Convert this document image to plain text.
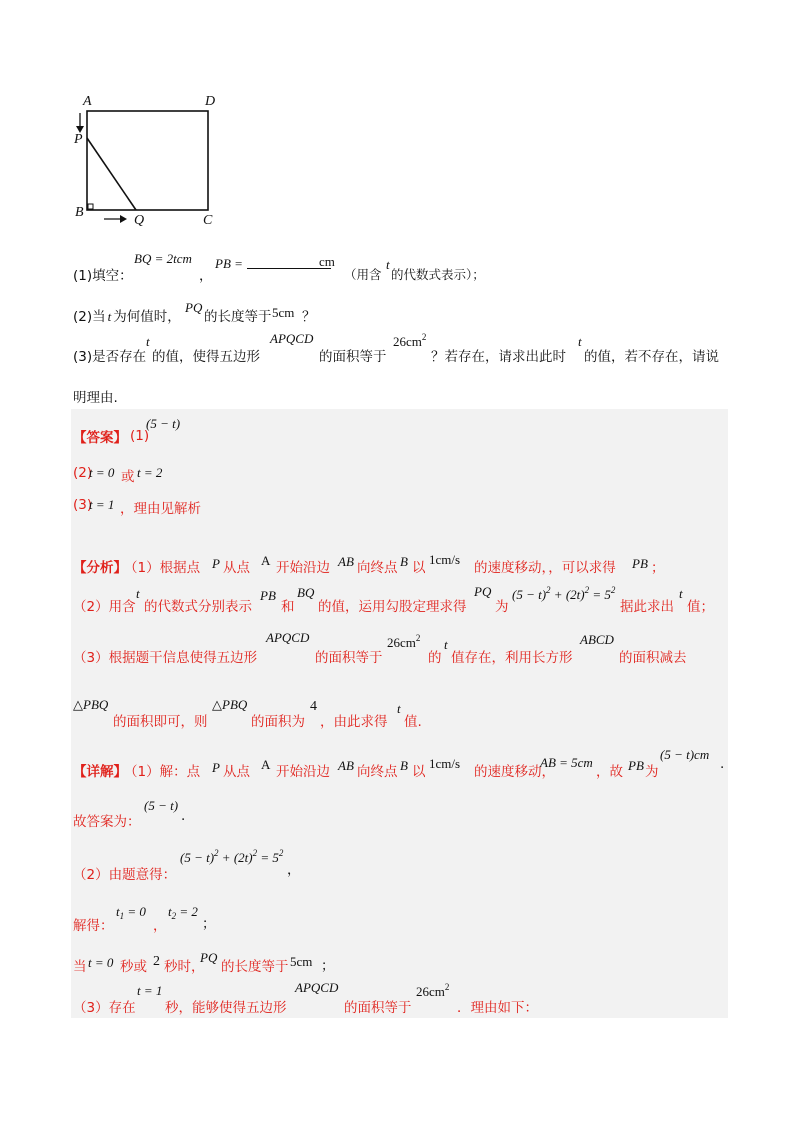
A	D
P
B
Q	C
(1)填空：
BQ = 2tcm
，
PB =	cm
（用含
t
的代数式表示）；
(2)当 t 为何值时，
PQ
的长度等于 5cm ？
(3)是否存在
t
的值，使得五边形
APQCD
的面积等于
$26cm^2$
？若存在，请求出此时
t
的值，若不存在，请说
明理由.
【答案】 (1)
(5 − t)
(2)
t = 0 或 t = 2
(3)
t = 1 ，理由见解析
【分析】
（1）根据点 P 从点 A 开始沿边 AB 向终点 B 以
1cm/s
的速度移动，，可以求得 PB ；
（2）用含
t
的代数式分别表示
PB
和
BQ
的值，运用勾股定理求得
PQ
为
$(5 - t)^2 + (2t)^2 = 5^2$
据此求出
t
值；
（3）根据题干信息使得五边形
APQCD
的面积等于
$26cm^2$
的
t
值存在，利用长方形
ABCD
的面积减去
△PBQ
的面积即可，则
△PBQ
的面积为
4
，由此求得
t
值.
【详解】
（1）解：点 P 从点 A 开始沿边 AB 向终点 B 以
1cm/s
的速度移动，
AB = 5cm
，故 PB 为
(5 − t)cm
.
故答案为：
(5 − t)
.
（2）由题意得：
$(5 - t)^2 + (2t)^2 = 5^2$
，
解得：
$t_1 = 0$
，
$t_2 = 2$
；
当 t = 0 秒或 2 秒时，
PQ
的长度等于 5cm ；
（3）存在
t = 1
秒，能够使得五边形
APQCD
的面积等于
$26cm^2$
．理由如下：
